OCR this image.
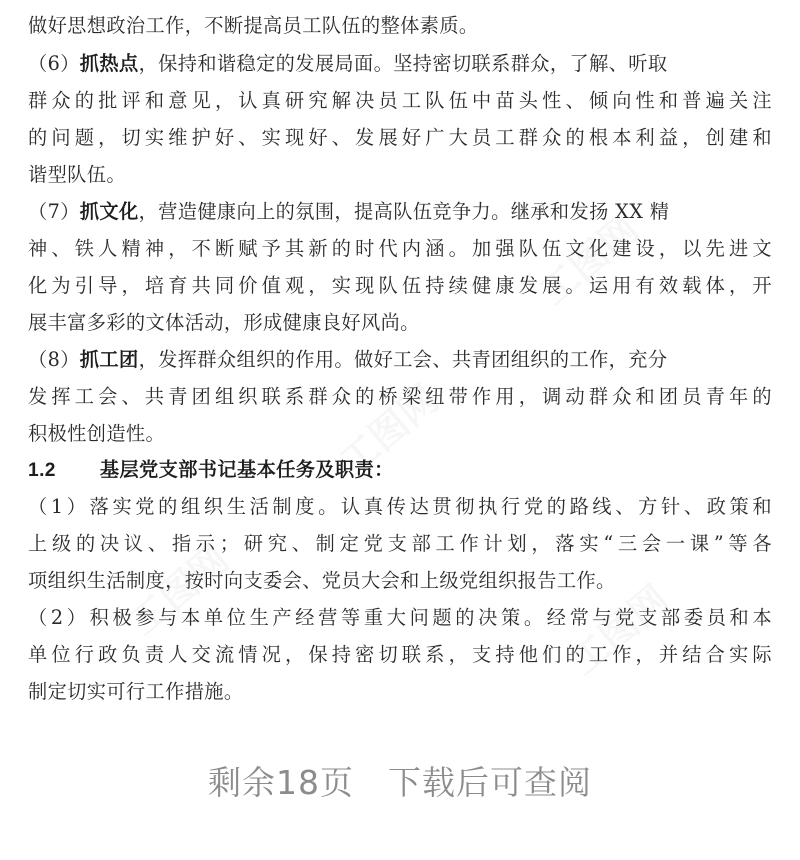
做好思想政治工作，不断提高员工队伍的整体素质。
（6）抓热点，保持和谐稳定的发展局面。坚持密切联系群众，了解、听取
群众的批评和意见，认真研究解决员工队伍中苗头性、倾向性和普遍关注
的问题，切实维护好、实现好、发展好广大员工群众的根本利益，创建和
谐型队伍。
（7）抓文化，营造健康向上的氛围，提高队伍竞争力。继承和发扬 XX 精
神、铁人精神，不断赋予其新的时代内涵。加强队伍文化建设，以先进文
化为引导，培育共同价值观，实现队伍持续健康发展。运用有效载体，开
展丰富多彩的文体活动，形成健康良好风尚。
（8）抓工团，发挥群众组织的作用。做好工会、共青团组织的工作，充分
发挥工会、共青团组织联系群众的桥梁纽带作用，调动群众和团员青年的
积极性创造性。
1.2 基层党支部书记基本任务及职责：
（1）落实党的组织生活制度。认真传达贯彻执行党的路线、方针、政策和
上级的决议、指示；研究、制定党支部工作计划，落实“三会一课”等各
项组织生活制度，按时向支委会、党员大会和上级党组织报告工作。
（2）积极参与本单位生产经营等重大问题的决策。经常与党支部委员和本
单位行政负责人交流情况，保持密切联系，支持他们的工作，并结合实际
制定切实可行工作措施。
剩余18页　下载后可查阅
